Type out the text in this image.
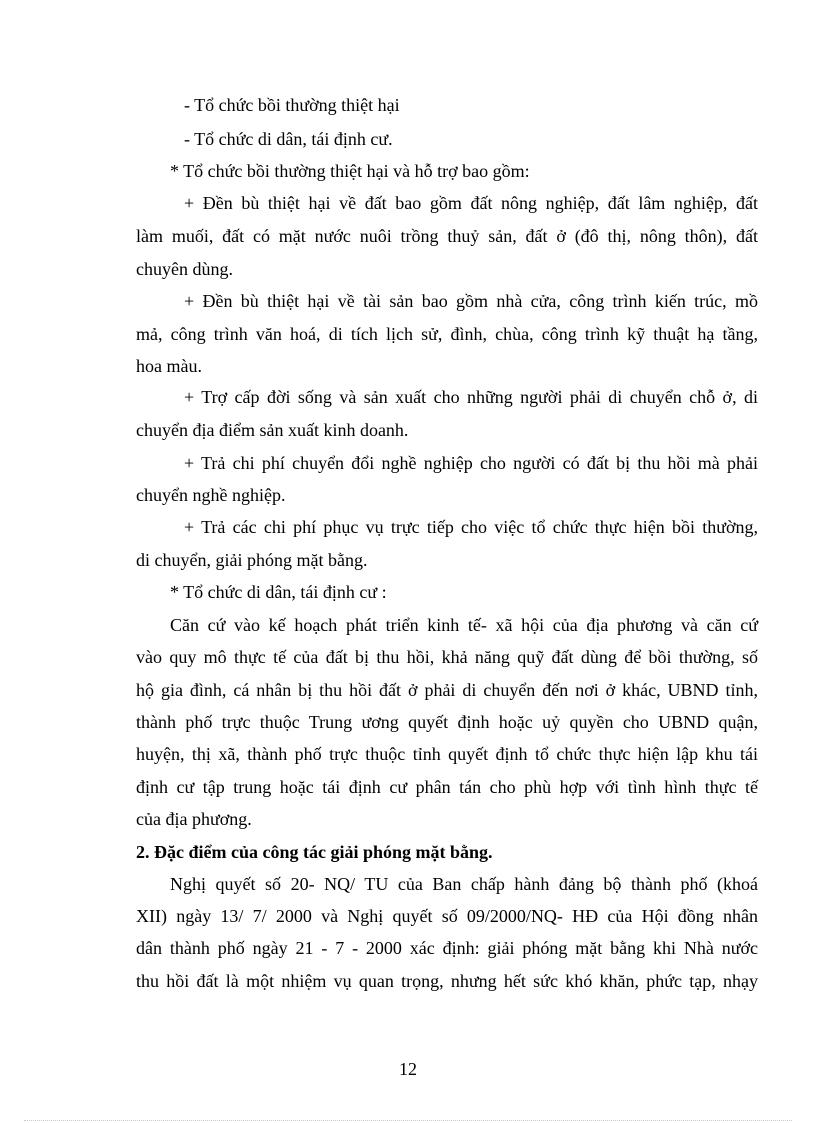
- Tổ chức bồi thường thiệt hại
- Tổ chức di dân, tái định cư.
* Tổ chức bồi thường thiệt hại và hỗ trợ bao gồm:
+ Đền bù thiệt hại về đất bao gồm đất nông nghiệp, đất lâm nghiệp, đất
làm muối, đất có mặt nước nuôi trồng thuỷ sản, đất ở (đô thị, nông thôn), đất
chuyên dùng.
+ Đền bù thiệt hại về tài sản bao gồm nhà cửa, công trình kiến trúc, mồ
mả, công trình văn hoá, di tích lịch sử, đình, chùa, công trình kỹ thuật hạ tầng,
hoa màu.
+ Trợ cấp đời sống và sản xuất cho những người phải di chuyển chỗ ở, di
chuyển địa điểm sản xuất kinh doanh.
+ Trả chi phí chuyển đổi nghề nghiệp cho người có đất bị thu hồi mà phải
chuyển nghề nghiệp.
+ Trả các chi phí phục vụ trực tiếp cho việc tổ chức thực hiện bồi thường,
di chuyển, giải phóng mặt bằng.
* Tổ chức di dân, tái định cư :
Căn cứ vào kế hoạch phát triển kinh tế- xã hội của địa phương và căn cứ
vào quy mô thực tế của đất bị thu hồi, khả năng quỹ đất dùng để bồi thường, số
hộ gia đình, cá nhân bị thu hồi đất ở phải di chuyển đến nơi ở khác, UBND tỉnh,
thành phố trực thuộc Trung ương quyết định hoặc uỷ quyền cho UBND quận,
huyện, thị xã, thành phố trực thuộc tỉnh quyết định tổ chức thực hiện lập khu tái
định cư tập trung hoặc tái định cư phân tán cho phù hợp với tình hình thực tế
của địa phương.
2. Đặc điểm của công tác giải phóng mặt bằng.
Nghị quyết số 20- NQ/ TU của Ban chấp hành đảng bộ thành phố (khoá
XII) ngày 13/ 7/ 2000 và Nghị quyết số 09/2000/NQ- HĐ của Hội đồng nhân
dân thành phố ngày 21 - 7 - 2000 xác định: giải phóng mặt bằng khi Nhà nước
thu hồi đất là một nhiệm vụ quan trọng, nhưng hết sức khó khăn, phức tạp, nhạy
12
